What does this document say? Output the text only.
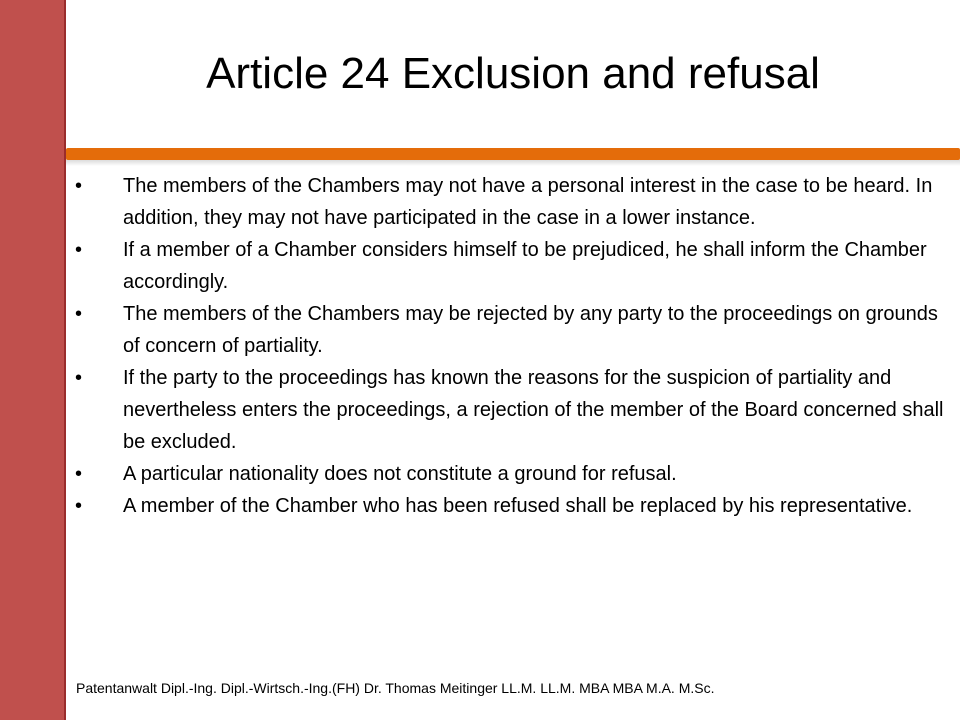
Article 24 Exclusion and refusal
•	The members of the Chambers may not have a personal interest in the case to be heard. In addition, they may not have participated in the case in a lower instance.
•	If a member of a Chamber considers himself to be prejudiced, he shall inform the Chamber accordingly.
•	The members of the Chambers may be rejected by any party to the proceedings on grounds of concern of partiality.
•	If the party to the proceedings has known the reasons for the suspicion of partiality and nevertheless enters the proceedings, a rejection of the member of the Board concerned shall be excluded.
•	A particular nationality does not constitute a ground for refusal.
•	A member of the Chamber who has been refused shall be replaced by his representative.

Patentanwalt Dipl.-Ing. Dipl.-Wirtsch.-Ing.(FH) Dr. Thomas Meitinger LL.M. LL.M. MBA MBA M.A. M.Sc.
